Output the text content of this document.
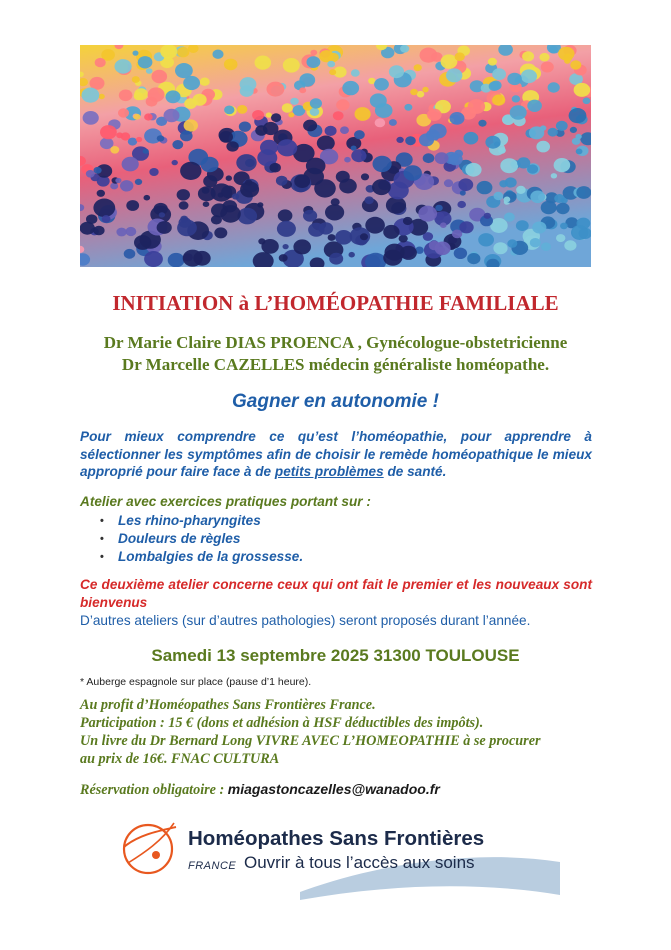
INITIATION à L’HOMÉOPATHIE FAMILIALE

Dr Marie Claire DIAS PROENCA , Gynécologue-obstetricienne

Dr Marcelle CAZELLES médecin généraliste homéopathe.

Gagner en autonomie !

Pour mieux comprendre ce qu’est l’homéopathie, pour apprendre à sélectionner les symptômes afin de choisir le remède homéopathique le mieux approprié pour faire face à de petits problèmes de santé.

Atelier avec exercices pratiques portant sur :

• Les rhino-pharyngites
• Douleurs de règles
• Lombalgies de la grossesse.

Ce deuxième atelier concerne ceux qui ont fait le premier et les nouveaux sont bienvenus

D’autres ateliers (sur d’autres pathologies) seront proposés durant l’année.

Samedi 13 septembre 2025 31300 TOULOUSE

* Auberge espagnole sur place (pause d’1 heure).

Au profit d’Homéopathes Sans Frontières France.
Participation : 15 € (dons et adhésion à HSF déductibles des impôts).
Un livre du Dr Bernard Long VIVRE AVEC L’HOMEOPATHIE à se procurer
au prix de 16€. FNAC CULTURA

Réservation obligatoire : miagastoncazelles@wanadoo.fr

Homéopathes Sans Frontières

FRANCE Ouvrir à tous l’accès aux soins
